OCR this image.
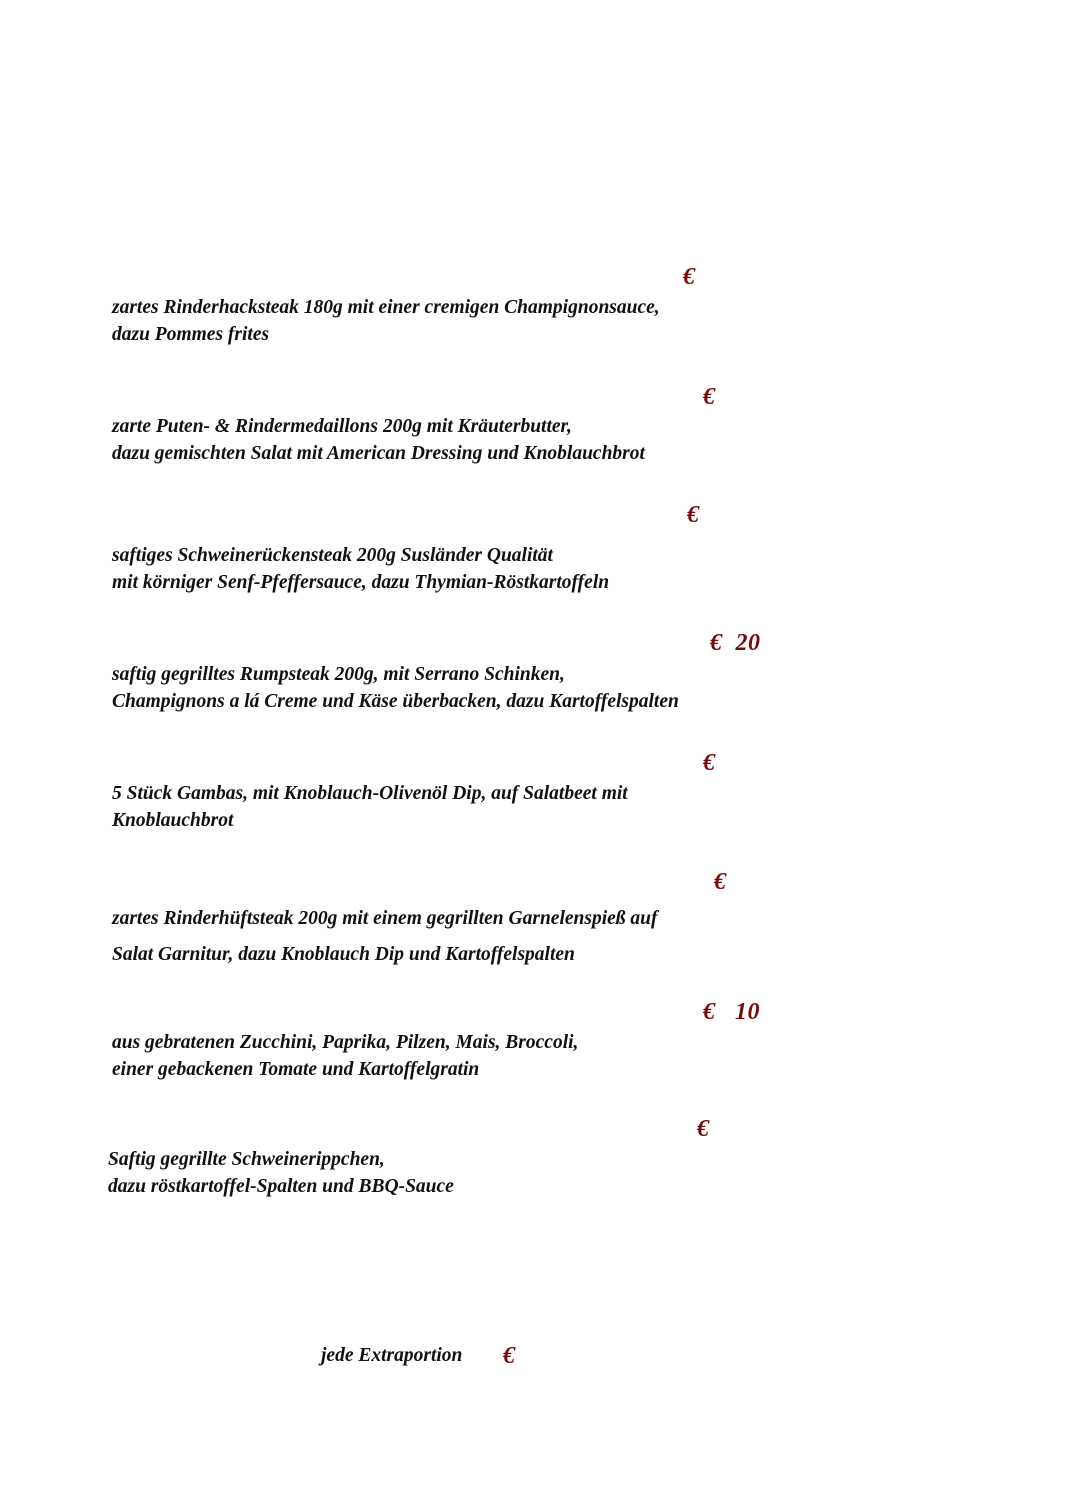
€
zartes Rinderhacksteak 180g mit einer cremigen Champignonsauce,
dazu Pommes frites
€
zarte Puten- & Rindermedaillons 200g mit Kräuterbutter,
dazu gemischten Salat mit American Dressing und Knoblauchbrot
€
saftiges Schweinerückensteak 200g Susländer Qualität
mit körniger Senf-Pfeffersauce, dazu Thymian-Röstkartoffeln
€  20
saftig gegrilltes Rumpsteak 200g, mit Serrano Schinken,
Champignons a lá Creme und Käse überbacken, dazu Kartoffelspalten
€
5 Stück Gambas, mit Knoblauch-Olivenöl Dip, auf Salatbeet mit
Knoblauchbrot
€
zartes Rinderhüftsteak 200g mit einem gegrillten Garnelenspieß auf
Salat Garnitur, dazu Knoblauch Dip und Kartoffelspalten
€   10
aus gebratenen Zucchini, Paprika, Pilzen, Mais, Broccoli,
einer gebackenen Tomate und Kartoffelgratin
€
Saftig gegrillte Schweinerippchen,
dazu röstkartoffel-Spalten und BBQ-Sauce
jede Extraportion €
